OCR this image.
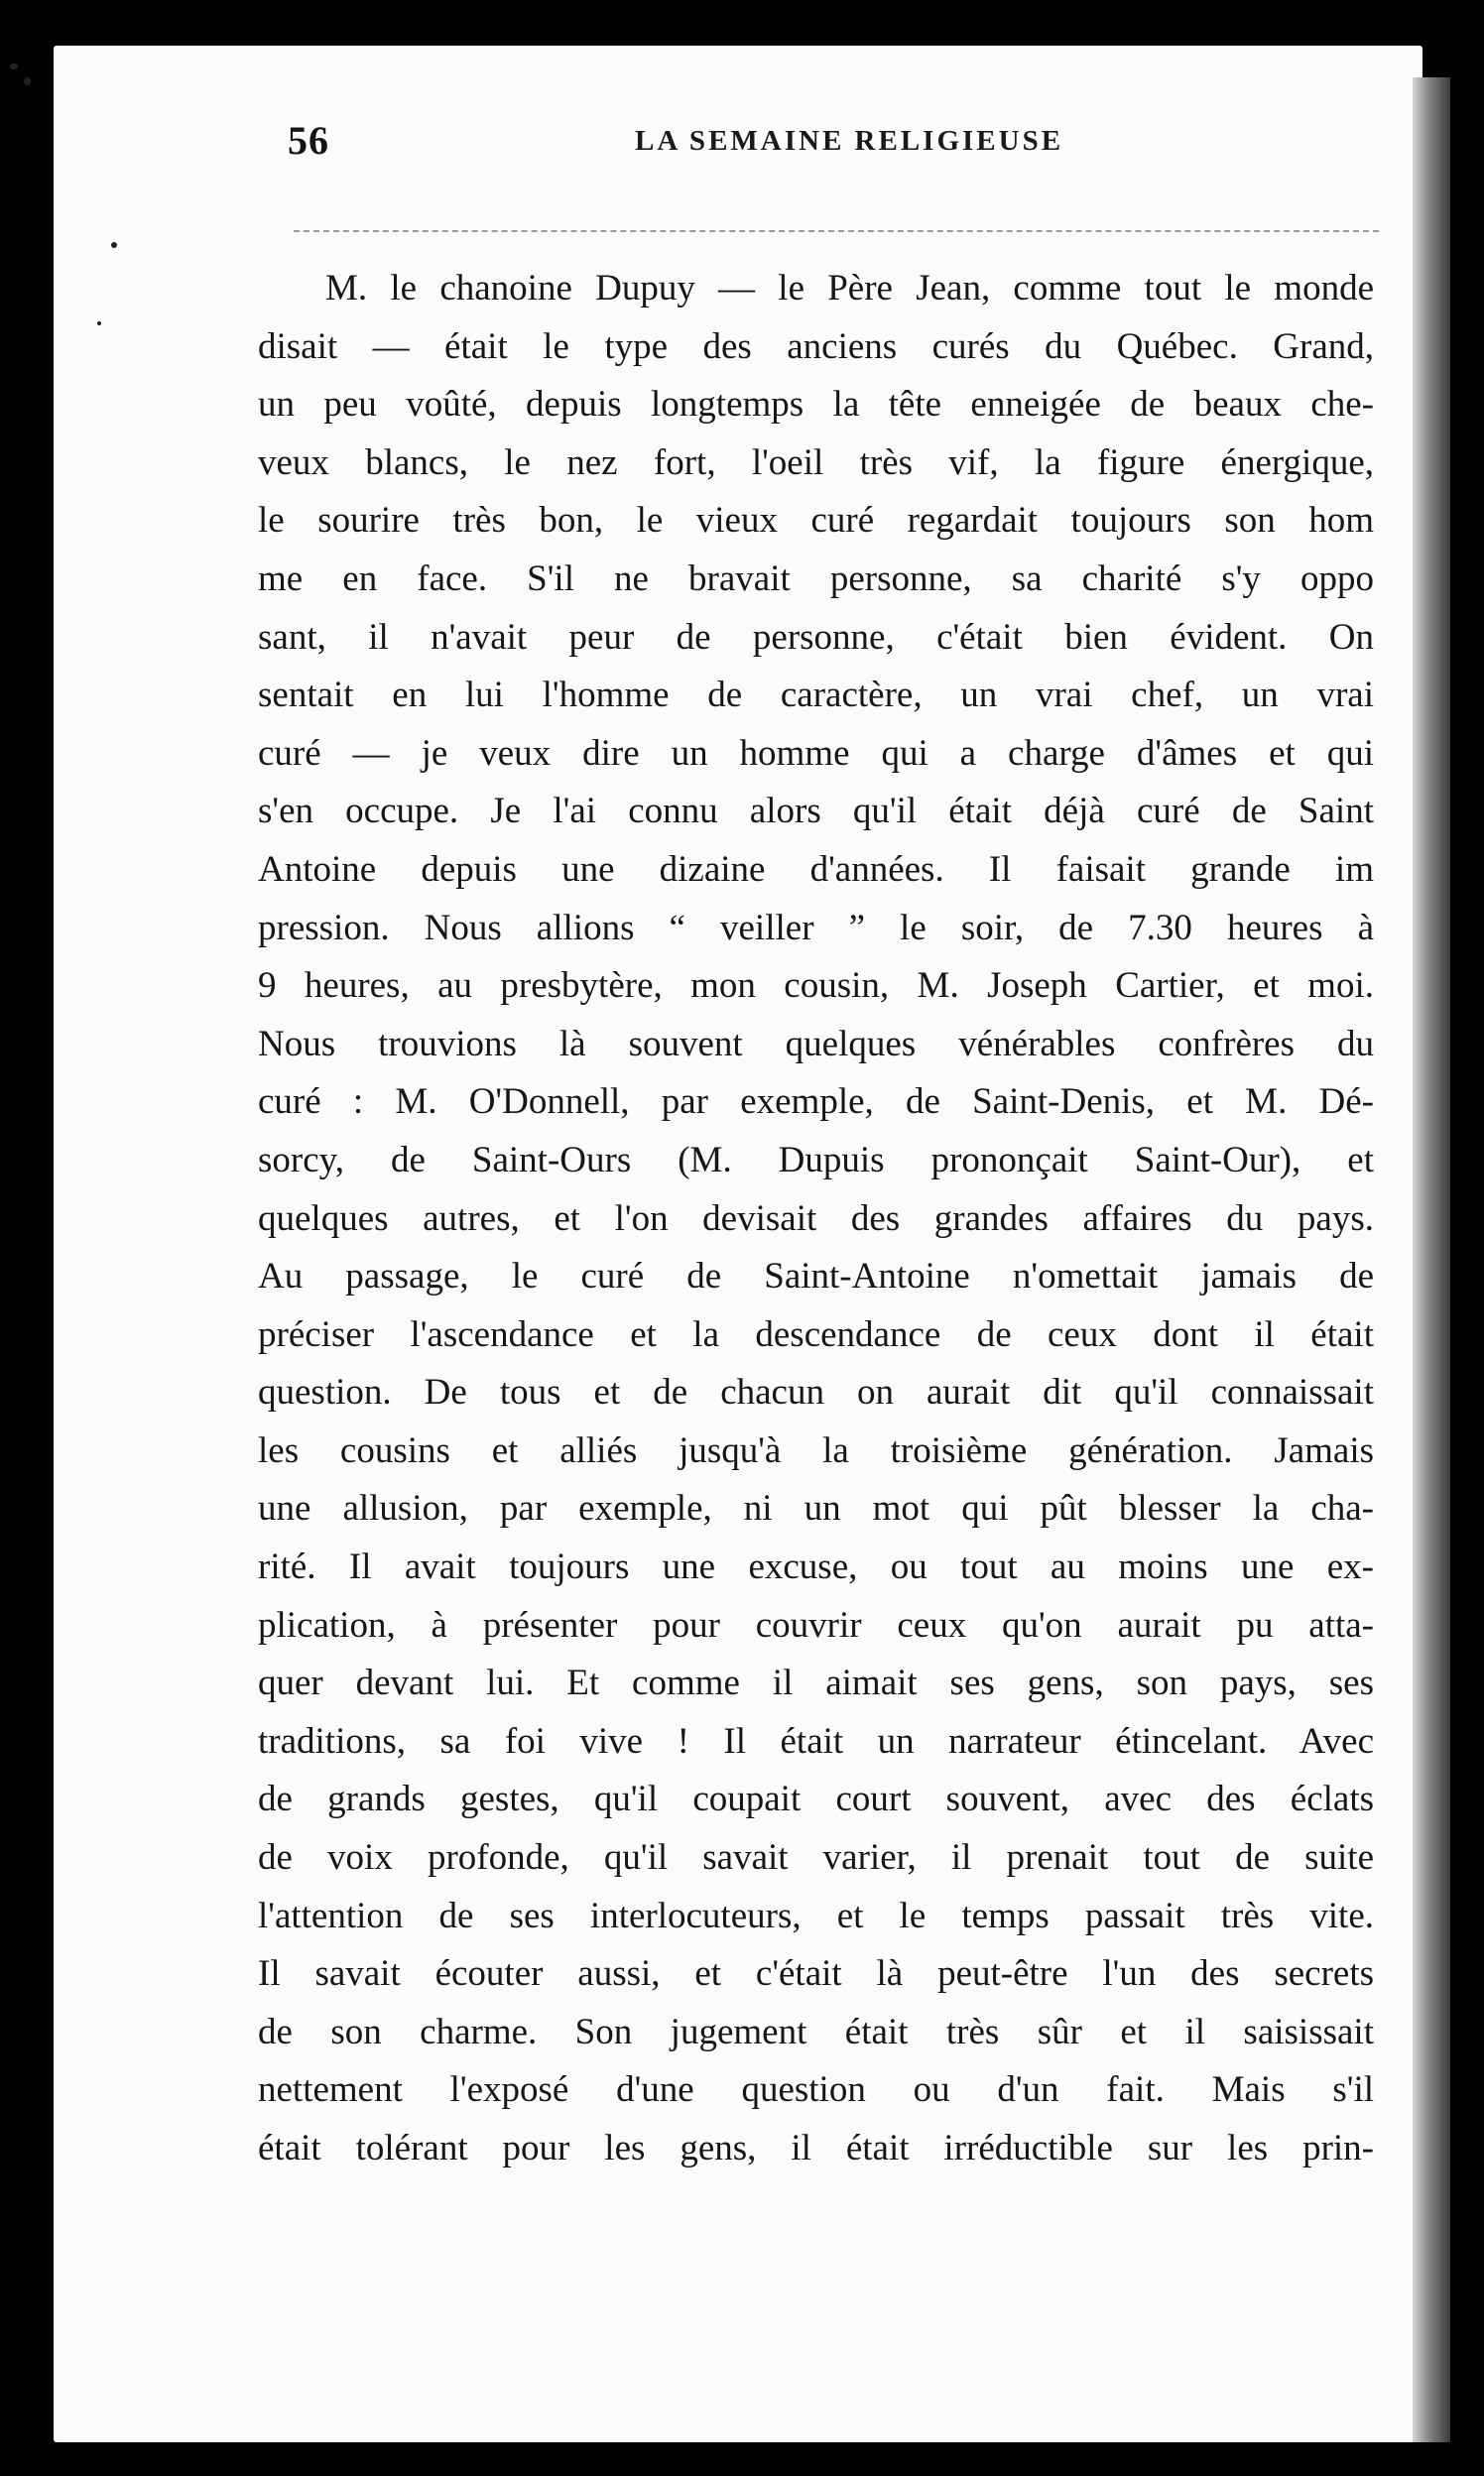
56	LA SEMAINE RELIGIEUSE
M. le chanoine Dupuy — le Père Jean, comme tout le monde
disait — était le type des anciens curés du Québec. Grand,
un peu voûté, depuis longtemps la tête enneigée de beaux che-
veux blancs, le nez fort, l'oeil très vif, la figure énergique,
le sourire très bon, le vieux curé regardait toujours son hom
me en face. S'il ne bravait personne, sa charité s'y oppo
sant, il n'avait peur de personne, c'était bien évident. On
sentait en lui l'homme de caractère, un vrai chef, un vrai
curé — je veux dire un homme qui a charge d'âmes et qui
s'en occupe. Je l'ai connu alors qu'il était déjà curé de Saint
Antoine depuis une dizaine d'années. Il faisait grande im
pression. Nous allions “ veiller ” le soir, de 7.30 heures à
9 heures, au presbytère, mon cousin, M. Joseph Cartier, et moi.
Nous trouvions là souvent quelques vénérables confrères du
curé : M. O'Donnell, par exemple, de Saint-Denis, et M. Dé-
sorcy, de Saint-Ours (M. Dupuis prononçait Saint-Our), et
quelques autres, et l'on devisait des grandes affaires du pays.
Au passage, le curé de Saint-Antoine n'omettait jamais de
préciser l'ascendance et la descendance de ceux dont il était
question. De tous et de chacun on aurait dit qu'il connaissait
les cousins et alliés jusqu'à la troisième génération. Jamais
une allusion, par exemple, ni un mot qui pût blesser la cha-
rité. Il avait toujours une excuse, ou tout au moins une ex-
plication, à présenter pour couvrir ceux qu'on aurait pu atta-
quer devant lui. Et comme il aimait ses gens, son pays, ses
traditions, sa foi vive ! Il était un narrateur étincelant. Avec
de grands gestes, qu'il coupait court souvent, avec des éclats
de voix profonde, qu'il savait varier, il prenait tout de suite
l'attention de ses interlocuteurs, et le temps passait très vite.
Il savait écouter aussi, et c'était là peut-être l'un des secrets
de son charme. Son jugement était très sûr et il saisissait
nettement l'exposé d'une question ou d'un fait. Mais s'il
était tolérant pour les gens, il était irréductible sur les prin-
